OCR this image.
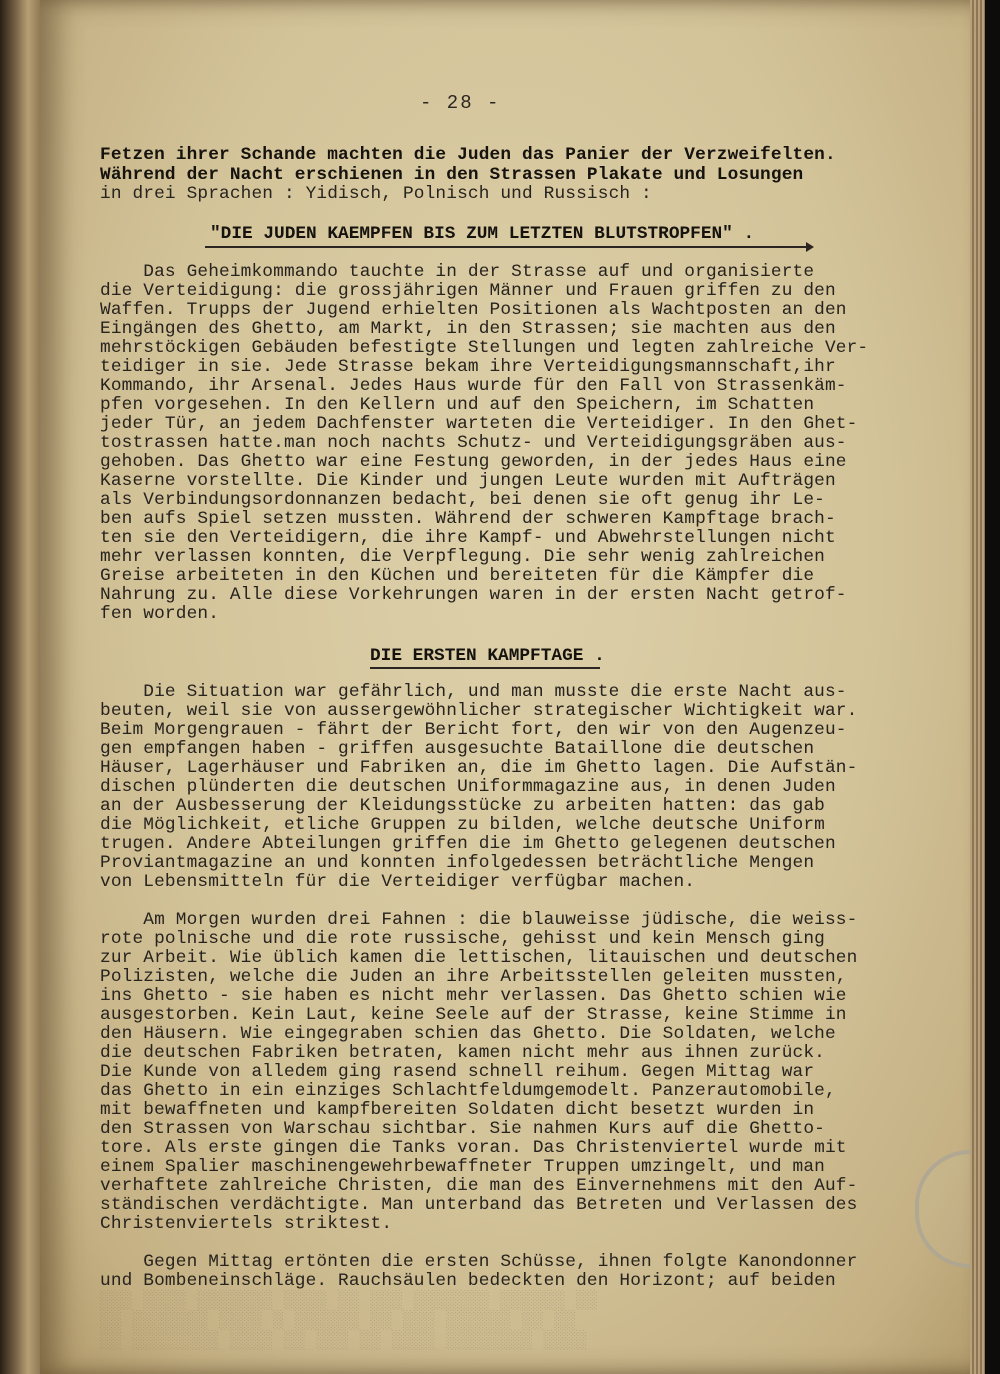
- 28 -

Fetzen ihrer Schande machten die Juden das Panier der Verzweifelten.

Während der Nacht erschienen in den Strassen Plakate und Losungen

in drei Sprachen : Yidisch, Polnisch und Russisch :

"DIE JUDEN KAEMPFEN BIS ZUM LETZTEN BLUTSTROPFEN" .

Das Geheimkommando tauchte in der Strasse auf und organisierte

die Verteidigung: die grossjährigen Männer und Frauen griffen zu den

Waffen. Trupps der Jugend erhielten Positionen als Wachtposten an den

Eingängen des Ghetto, am Markt, in den Strassen; sie machten aus den

mehrstöckigen Gebäuden befestigte Stellungen und legten zahlreiche Ver-

teidiger in sie. Jede Strasse bekam ihre Verteidigungsmannschaft,ihr

Kommando, ihr Arsenal. Jedes Haus wurde für den Fall von Strassenkäm-

pfen vorgesehen. In den Kellern und auf den Speichern, im Schatten

jeder Tür, an jedem Dachfenster warteten die Verteidiger. In den Ghet-

tostrassen hatte.man noch nachts Schutz- und Verteidigungsgräben aus-

gehoben. Das Ghetto war eine Festung geworden, in der jedes Haus eine

Kaserne vorstellte. Die Kinder und jungen Leute wurden mit Aufträgen

als Verbindungsordonnanzen bedacht, bei denen sie oft genug ihr Le-

ben aufs Spiel setzen mussten. Während der schweren Kampftage brach-

ten sie den Verteidigern, die ihre Kampf- und Abwehrstellungen nicht

mehr verlassen konnten, die Verpflegung. Die sehr wenig zahlreichen

Greise arbeiteten in den Küchen und bereiteten für die Kämpfer die

Nahrung zu. Alle diese Vorkehrungen waren in der ersten Nacht getrof-

fen worden.

DIE ERSTEN KAMPFTAGE .

Die Situation war gefährlich, und man musste die erste Nacht aus-

beuten, weil sie von aussergewöhnlicher strategischer Wichtigkeit war.

Beim Morgengrauen - fährt der Bericht fort, den wir von den Augenzeu-

gen empfangen haben - griffen ausgesuchte Bataillone die deutschen

Häuser, Lagerhäuser und Fabriken an, die im Ghetto lagen. Die Aufstän-

dischen plünderten die deutschen Uniformmagazine aus, in denen Juden

an der Ausbesserung der Kleidungsstücke zu arbeiten hatten: das gab

die Möglichkeit, etliche Gruppen zu bilden, welche deutsche Uniform

trugen. Andere Abteilungen griffen die im Ghetto gelegenen deutschen

Proviantmagazine an und konnten infolgedessen beträchtliche Mengen

von Lebensmitteln für die Verteidiger verfügbar machen.

Am Morgen wurden drei Fahnen : die blauweisse jüdische, die weiss-

rote polnische und die rote russische, gehisst und kein Mensch ging

zur Arbeit. Wie üblich kamen die lettischen, litauischen und deutschen

Polizisten, welche die Juden an ihre Arbeitsstellen geleiten mussten,

ins Ghetto - sie haben es nicht mehr verlassen. Das Ghetto schien wie

ausgestorben. Kein Laut, keine Seele auf der Strasse, keine Stimme in

den Häusern. Wie eingegraben schien das Ghetto. Die Soldaten, welche

die deutschen Fabriken betraten, kamen nicht mehr aus ihnen zurück.

Die Kunde von alledem ging rasend schnell reihum. Gegen Mittag war

das Ghetto in ein einziges Schlachtfeldumgemodelt. Panzerautomobile,

mit bewaffneten und kampfbereiten Soldaten dicht besetzt wurden in

den Strassen von Warschau sichtbar. Sie nahmen Kurs auf die Ghetto-

tore. Als erste gingen die Tanks voran. Das Christenviertel wurde mit

einem Spalier maschinengewehrbewaffneter Truppen umzingelt, und man

verhaftete zahlreiche Christen, die man des Einvernehmens mit den Auf-

ständischen verdächtigte. Man unterband das Betreten und Verlassen des

Christenviertels striktest.

Gegen Mittag ertönten die ersten Schüsse, ihnen folgte Kanondonner

und Bombeneinschläge. Rauchsäulen bedeckten den Horizont; auf beiden

░░░ ░░░░ ░░░░░░░ ░░░░ ░░ ░░░ ░░░░░░░ ░░░░░░ ░░

░░ ░░░░░░░ ░░░░ ░ ░░░░░░ ░░ ░░░ ░░░░░░ ░░ ░░

░░ ░░░░░░░░ ░░░░ ░░ ░░░ ░░ ░░░░ ░░░░░░░░ ░░░░
